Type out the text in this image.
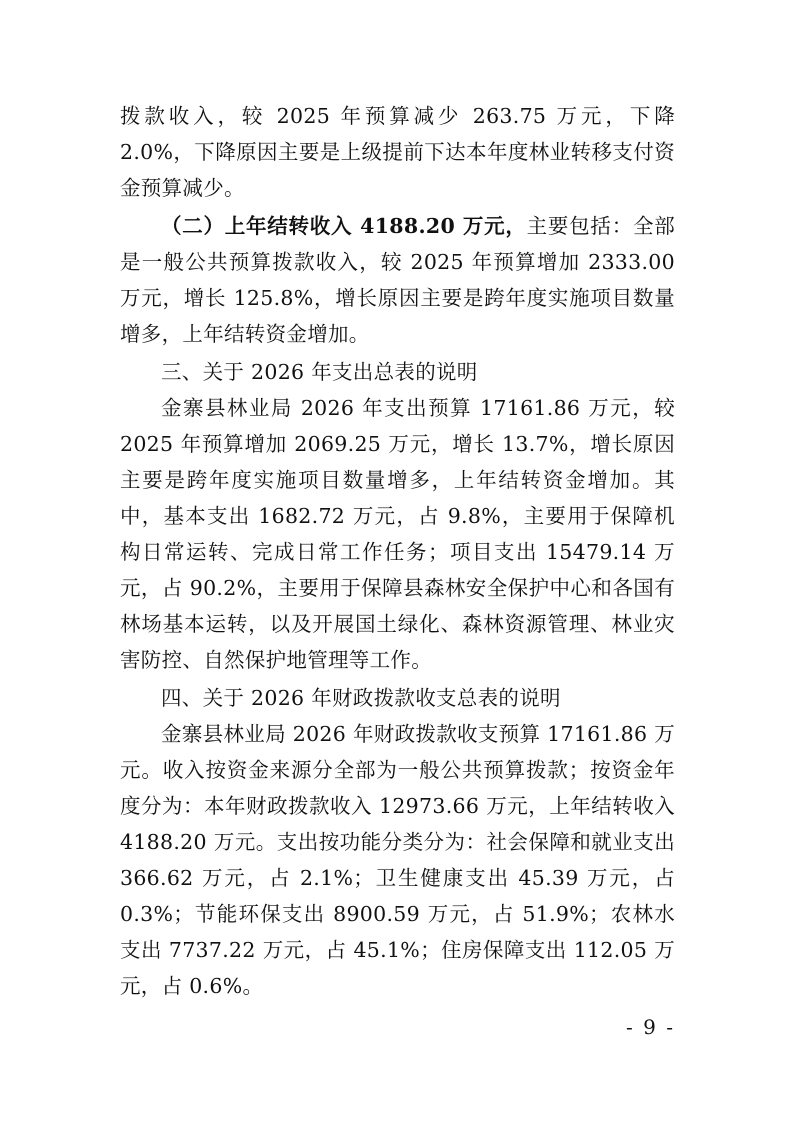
拨款收入，较 2025 年预算减少 263.75 万元，下降 2.0%，下降原因主要是上级提前下达本年度林业转移支付资金预算减少。

（二）上年结转收入 4188.20 万元，主要包括：全部是一般公共预算拨款收入，较 2025 年预算增加 2333.00 万元，增长 125.8%，增长原因主要是跨年度实施项目数量增多，上年结转资金增加。

三、关于 2026 年支出总表的说明

金寨县林业局 2026 年支出预算 17161.86 万元，较 2025 年预算增加 2069.25 万元，增长 13.7%，增长原因主要是跨年度实施项目数量增多，上年结转资金增加。其中，基本支出 1682.72 万元，占 9.8%，主要用于保障机构日常运转、完成日常工作任务；项目支出 15479.14 万元，占 90.2%，主要用于保障县森林安全保护中心和各国有林场基本运转，以及开展国土绿化、森林资源管理、林业灾害防控、自然保护地管理等工作。

四、关于 2026 年财政拨款收支总表的说明

金寨县林业局 2026 年财政拨款收支预算 17161.86 万元。收入按资金来源分全部为一般公共预算拨款；按资金年度分为：本年财政拨款收入 12973.66 万元，上年结转收入 4188.20 万元。支出按功能分类分为：社会保障和就业支出 366.62 万元，占 2.1%；卫生健康支出 45.39 万元，占 0.3%；节能环保支出 8900.59 万元，占 51.9%；农林水支出 7737.22 万元，占 45.1%；住房保障支出 112.05 万元，占 0.6%。

- 9 -
